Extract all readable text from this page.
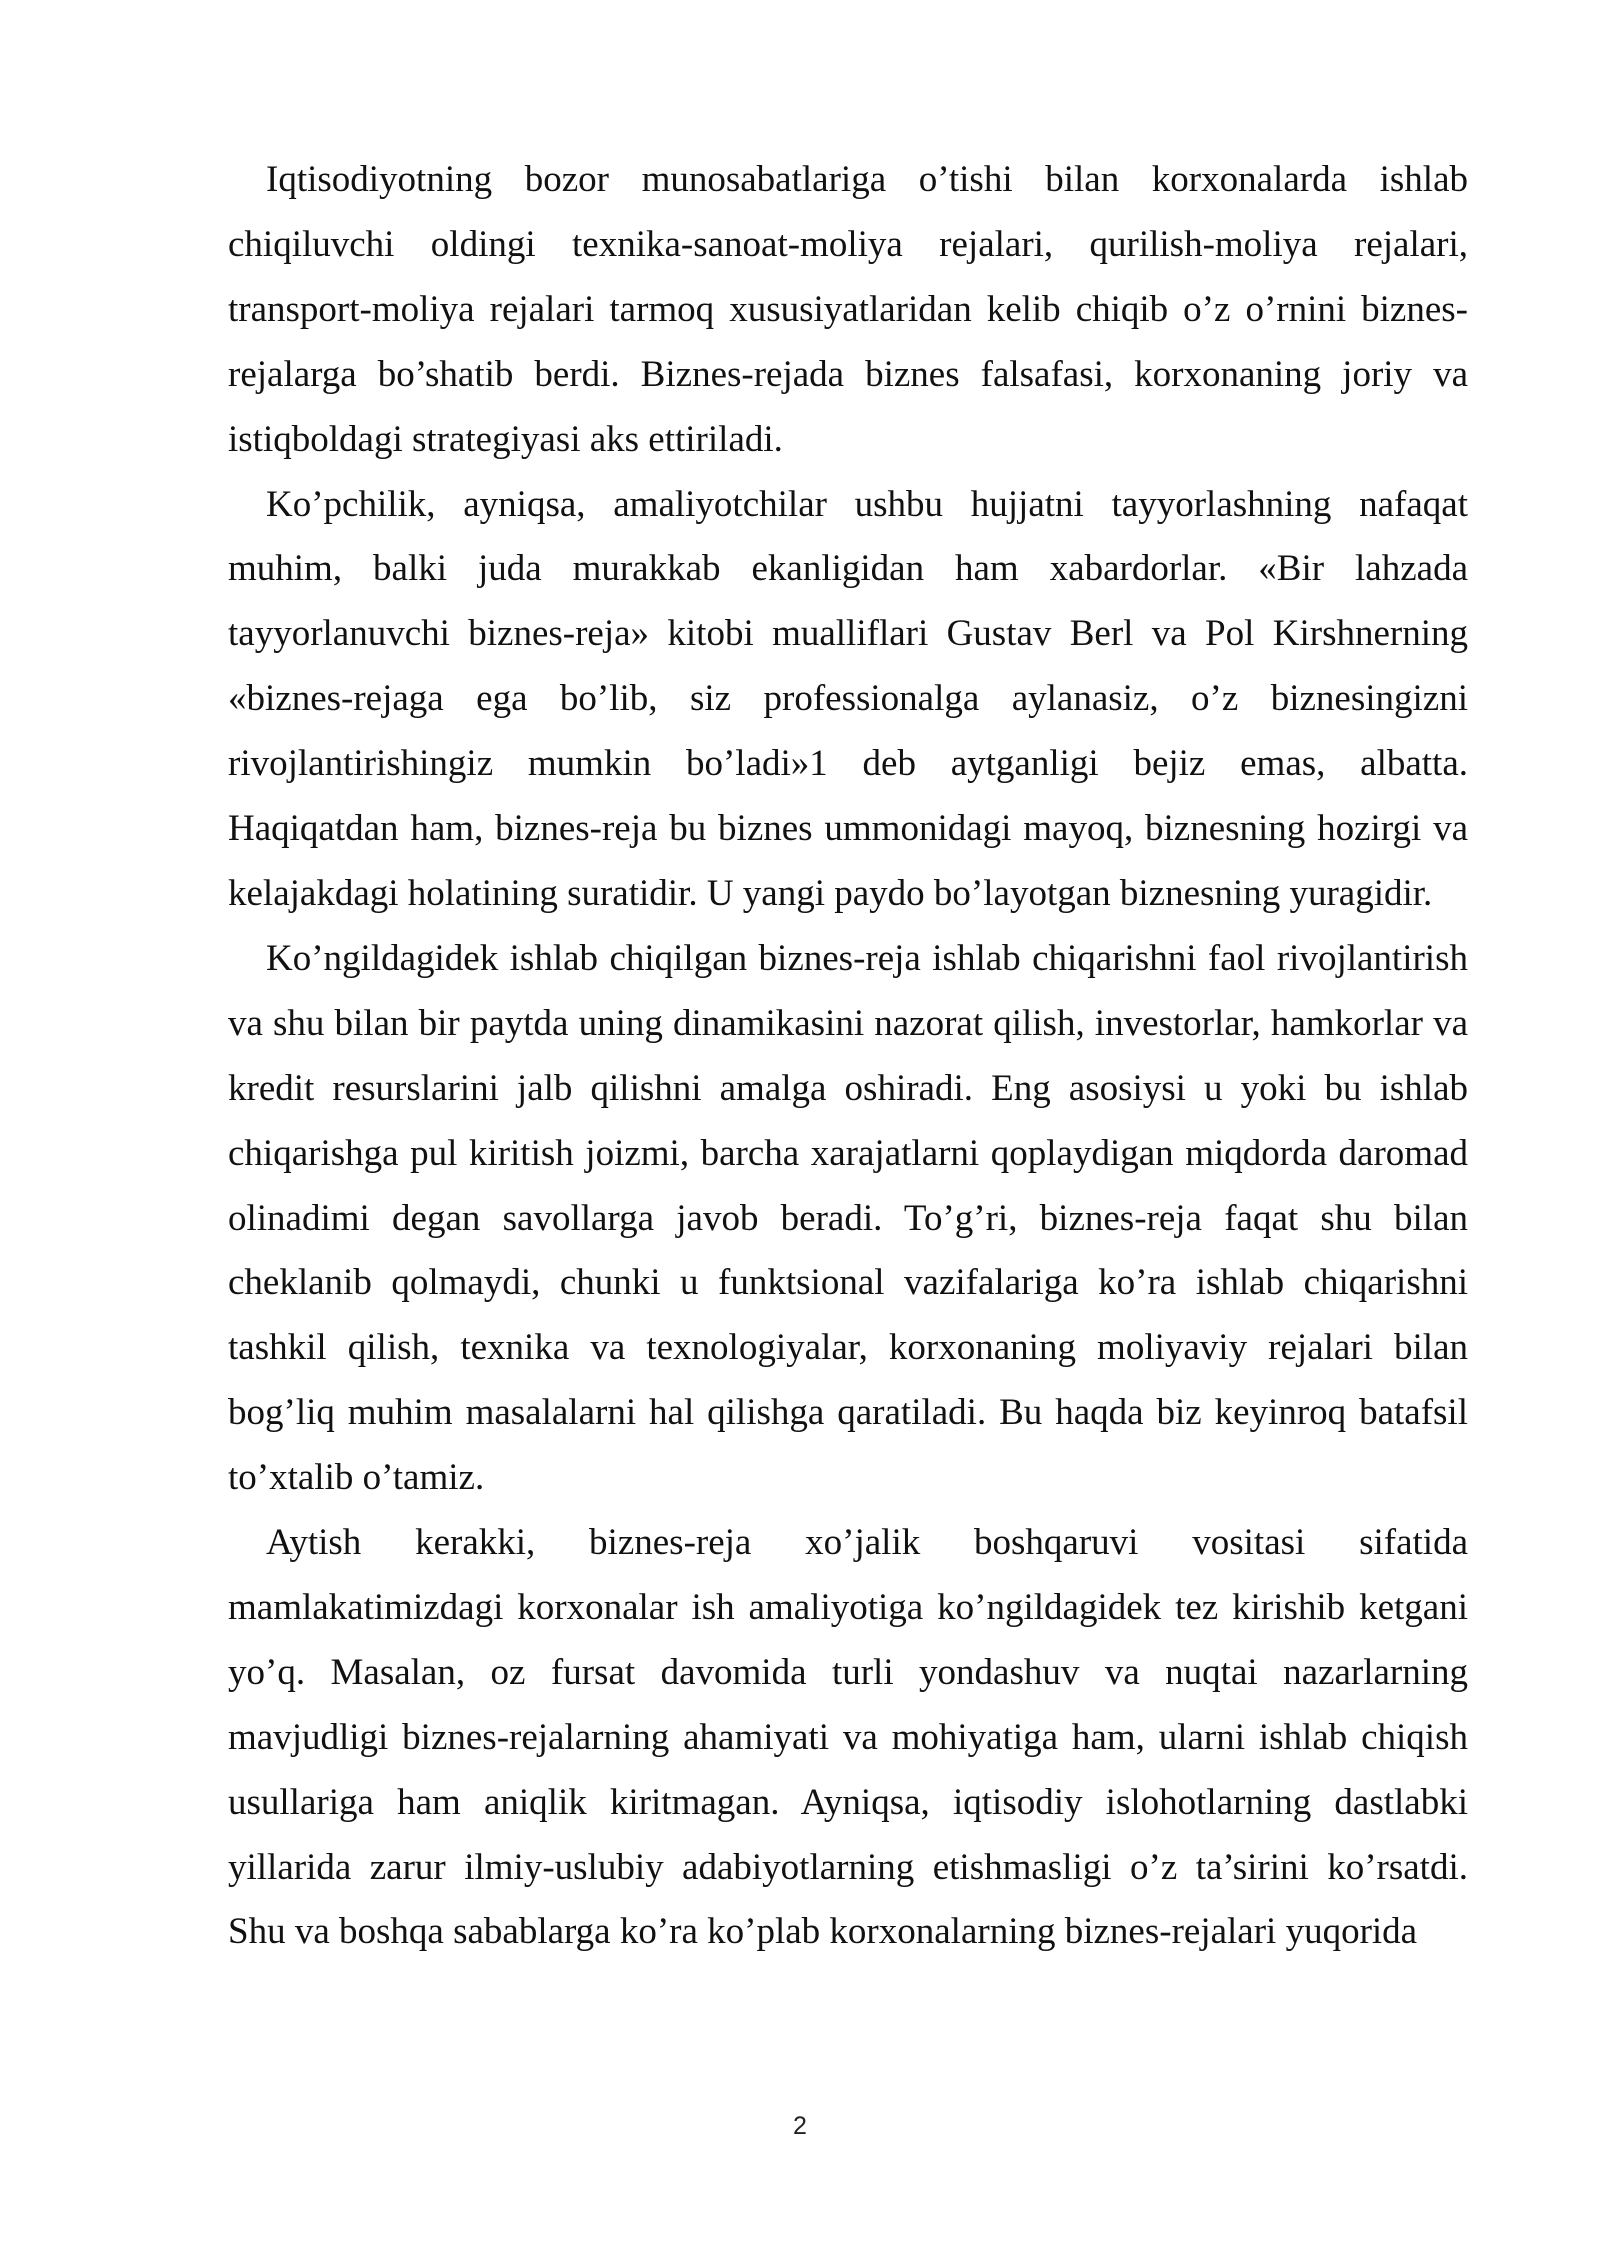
Iqtisodiyotning bozor munosabatlariga o’tishi bilan korxonalarda ishlab chiqiluvchi oldingi texnika-sanoat-moliya rejalari, qurilish-moliya rejalari, transport-moliya rejalari tarmoq xususiyatlaridan kelib chiqib o’z o’rnini biznes-rejalarga bo’shatib berdi. Biznes-rejada biznes falsafasi, korxonaning joriy va istiqboldagi strategiyasi aks ettiriladi.

Ko’pchilik, ayniqsa, amaliyotchilar ushbu hujjatni tayyorlashning nafaqat muhim, balki juda murakkab ekanligidan ham xabardorlar. «Bir lahzada tayyorlanuvchi biznes-reja» kitobi mualliflari Gustav Berl va Pol Kirshnerning «biznes-rejaga ega bo’lib, siz professionalga aylanasiz, o’z biznesingizni rivojlantirishingiz mumkin bo’ladi»1 deb aytganligi bejiz emas, albatta. Haqiqatdan ham, biznes-reja bu biznes ummonidagi mayoq, biznesning hozirgi va kelajakdagi holatining suratidir. U yangi paydo bo’layotgan biznesning yuragidir.

Ko’ngildagidek ishlab chiqilgan biznes-reja ishlab chiqarishni faol rivojlantirish va shu bilan bir paytda uning dinamikasini nazorat qilish, investorlar, hamkorlar va kredit resurslarini jalb qilishni amalga oshiradi. Eng asosiysi u yoki bu ishlab chiqarishga pul kiritish joizmi, barcha xarajatlarni qoplaydigan miqdorda daromad olinadimi degan savollarga javob beradi. To’g’ri, biznes-reja faqat shu bilan cheklanib qolmaydi, chunki u funktsional vazifalariga ko’ra ishlab chiqarishni tashkil qilish, texnika va texnologiyalar, korxonaning moliyaviy rejalari bilan bog’liq muhim masalalarni hal qilishga qaratiladi. Bu haqda biz keyinroq batafsil to’xtalib o’tamiz.

Aytish kerakki, biznes-reja xo’jalik boshqaruvi vositasi sifatida mamlakatimizdagi korxonalar ish amaliyotiga ko’ngildagidek tez kirishib ketgani yo’q. Masalan, oz fursat davomida turli yondashuv va nuqtai nazarlarning mavjudligi biznes-rejalarning ahamiyati va mohiyatiga ham, ularni ishlab chiqish usullariga ham aniqlik kiritmagan. Ayniqsa, iqtisodiy islohotlarning dastlabki yillarida zarur ilmiy-uslubiy adabiyotlarning etishmasligi o’z ta’sirini ko’rsatdi. Shu va boshqa sabablarga ko’ra ko’plab korxonalarning biznes-rejalari yuqorida

2
